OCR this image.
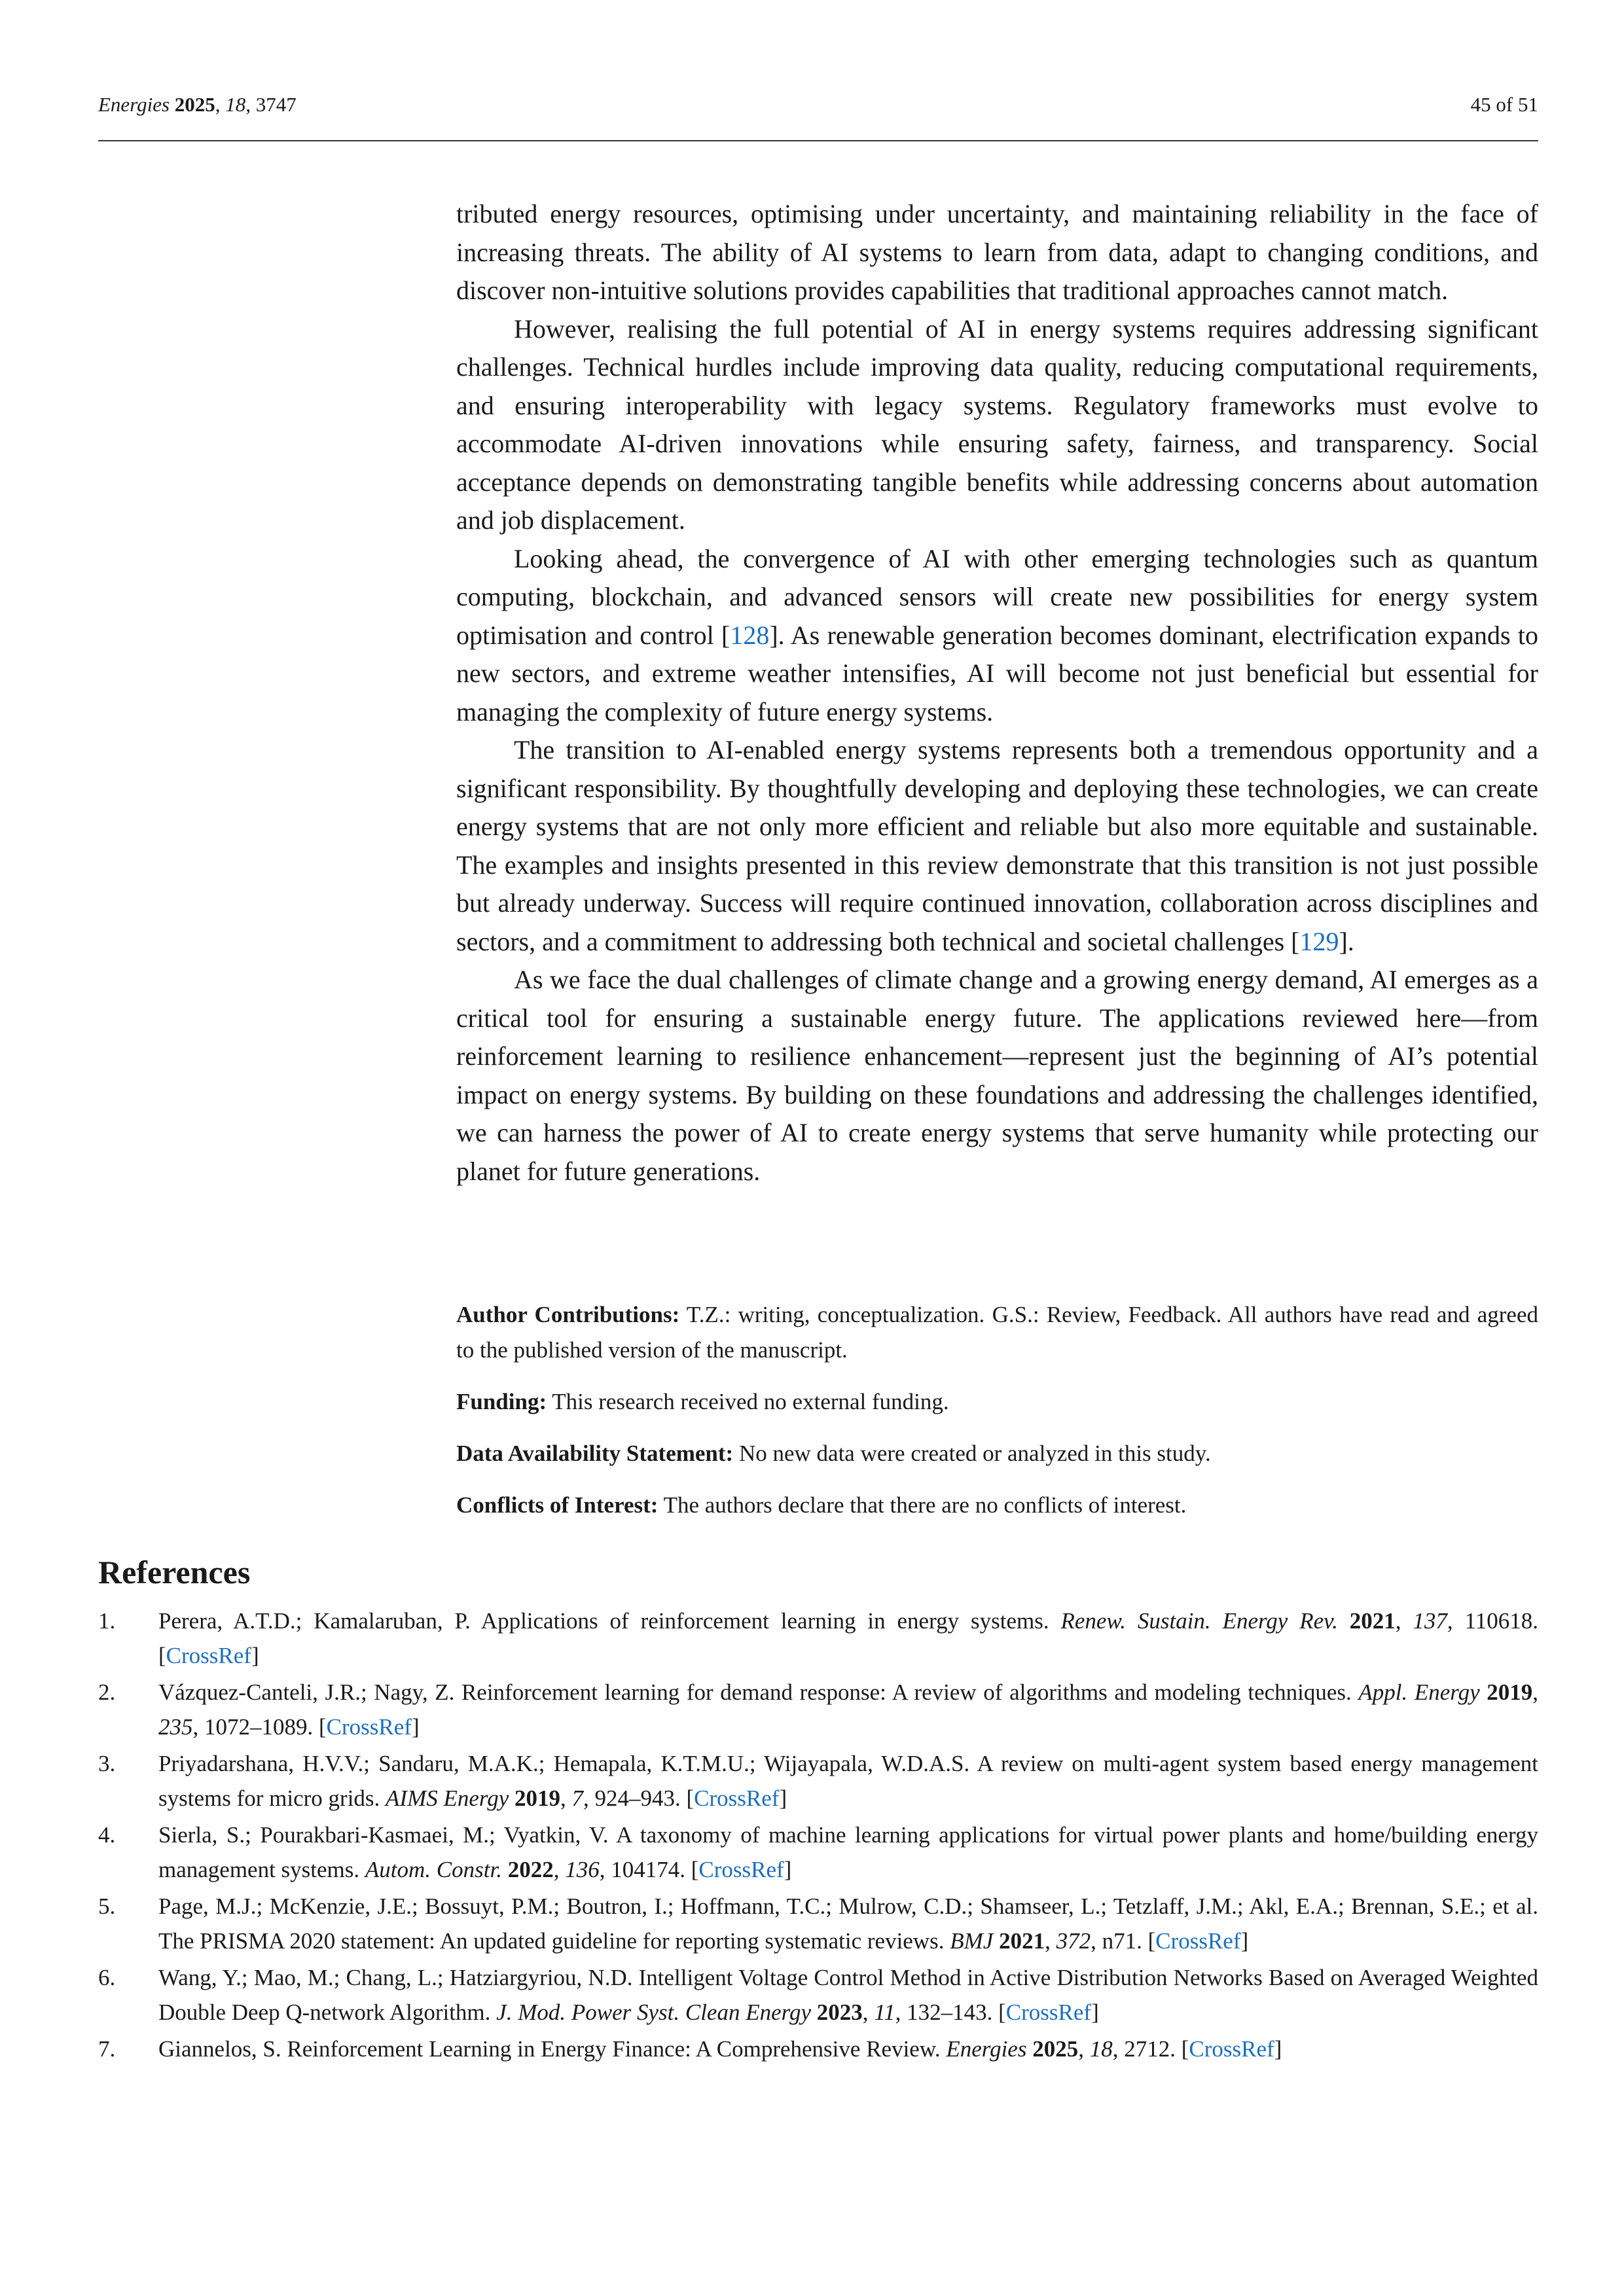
Energies 2025, 18, 3747	45 of 51

tributed energy resources, optimising under uncertainty, and maintaining reliability in the face of increasing threats. The ability of AI systems to learn from data, adapt to changing conditions, and discover non-intuitive solutions provides capabilities that traditional approaches cannot match.

However, realising the full potential of AI in energy systems requires addressing significant challenges. Technical hurdles include improving data quality, reducing computational requirements, and ensuring interoperability with legacy systems. Regulatory frameworks must evolve to accommodate AI-driven innovations while ensuring safety, fairness, and transparency. Social acceptance depends on demonstrating tangible benefits while addressing concerns about automation and job displacement.

Looking ahead, the convergence of AI with other emerging technologies such as quantum computing, blockchain, and advanced sensors will create new possibilities for energy system optimisation and control [128]. As renewable generation becomes dominant, electrification expands to new sectors, and extreme weather intensifies, AI will become not just beneficial but essential for managing the complexity of future energy systems.

The transition to AI-enabled energy systems represents both a tremendous opportunity and a significant responsibility. By thoughtfully developing and deploying these technologies, we can create energy systems that are not only more efficient and reliable but also more equitable and sustainable. The examples and insights presented in this review demonstrate that this transition is not just possible but already underway. Success will require continued innovation, collaboration across disciplines and sectors, and a commitment to addressing both technical and societal challenges [129].

As we face the dual challenges of climate change and a growing energy demand, AI emerges as a critical tool for ensuring a sustainable energy future. The applications reviewed here—from reinforcement learning to resilience enhancement—represent just the beginning of AI’s potential impact on energy systems. By building on these foundations and addressing the challenges identified, we can harness the power of AI to create energy systems that serve humanity while protecting our planet for future generations.

Author Contributions: T.Z.: writing, conceptualization. G.S.: Review, Feedback. All authors have read and agreed to the published version of the manuscript.

Funding: This research received no external funding.

Data Availability Statement: No new data were created or analyzed in this study.

Conflicts of Interest: The authors declare that there are no conflicts of interest.

References
1. Perera, A.T.D.; Kamalaruban, P. Applications of reinforcement learning in energy systems. Renew. Sustain. Energy Rev. 2021, 137, 110618. [CrossRef]
2. Vázquez-Canteli, J.R.; Nagy, Z. Reinforcement learning for demand response: A review of algorithms and modeling techniques. Appl. Energy 2019, 235, 1072–1089. [CrossRef]
3. Priyadarshana, H.V.V.; Sandaru, M.A.K.; Hemapala, K.T.M.U.; Wijayapala, W.D.A.S. A review on multi-agent system based energy management systems for micro grids. AIMS Energy 2019, 7, 924–943. [CrossRef]
4. Sierla, S.; Pourakbari-Kasmaei, M.; Vyatkin, V. A taxonomy of machine learning applications for virtual power plants and home/building energy management systems. Autom. Constr. 2022, 136, 104174. [CrossRef]
5. Page, M.J.; McKenzie, J.E.; Bossuyt, P.M.; Boutron, I.; Hoffmann, T.C.; Mulrow, C.D.; Shamseer, L.; Tetzlaff, J.M.; Akl, E.A.; Brennan, S.E.; et al. The PRISMA 2020 statement: An updated guideline for reporting systematic reviews. BMJ 2021, 372, n71. [CrossRef]
6. Wang, Y.; Mao, M.; Chang, L.; Hatziargyriou, N.D. Intelligent Voltage Control Method in Active Distribution Networks Based on Averaged Weighted Double Deep Q-network Algorithm. J. Mod. Power Syst. Clean Energy 2023, 11, 132–143. [CrossRef]
7. Giannelos, S. Reinforcement Learning in Energy Finance: A Comprehensive Review. Energies 2025, 18, 2712. [CrossRef]
